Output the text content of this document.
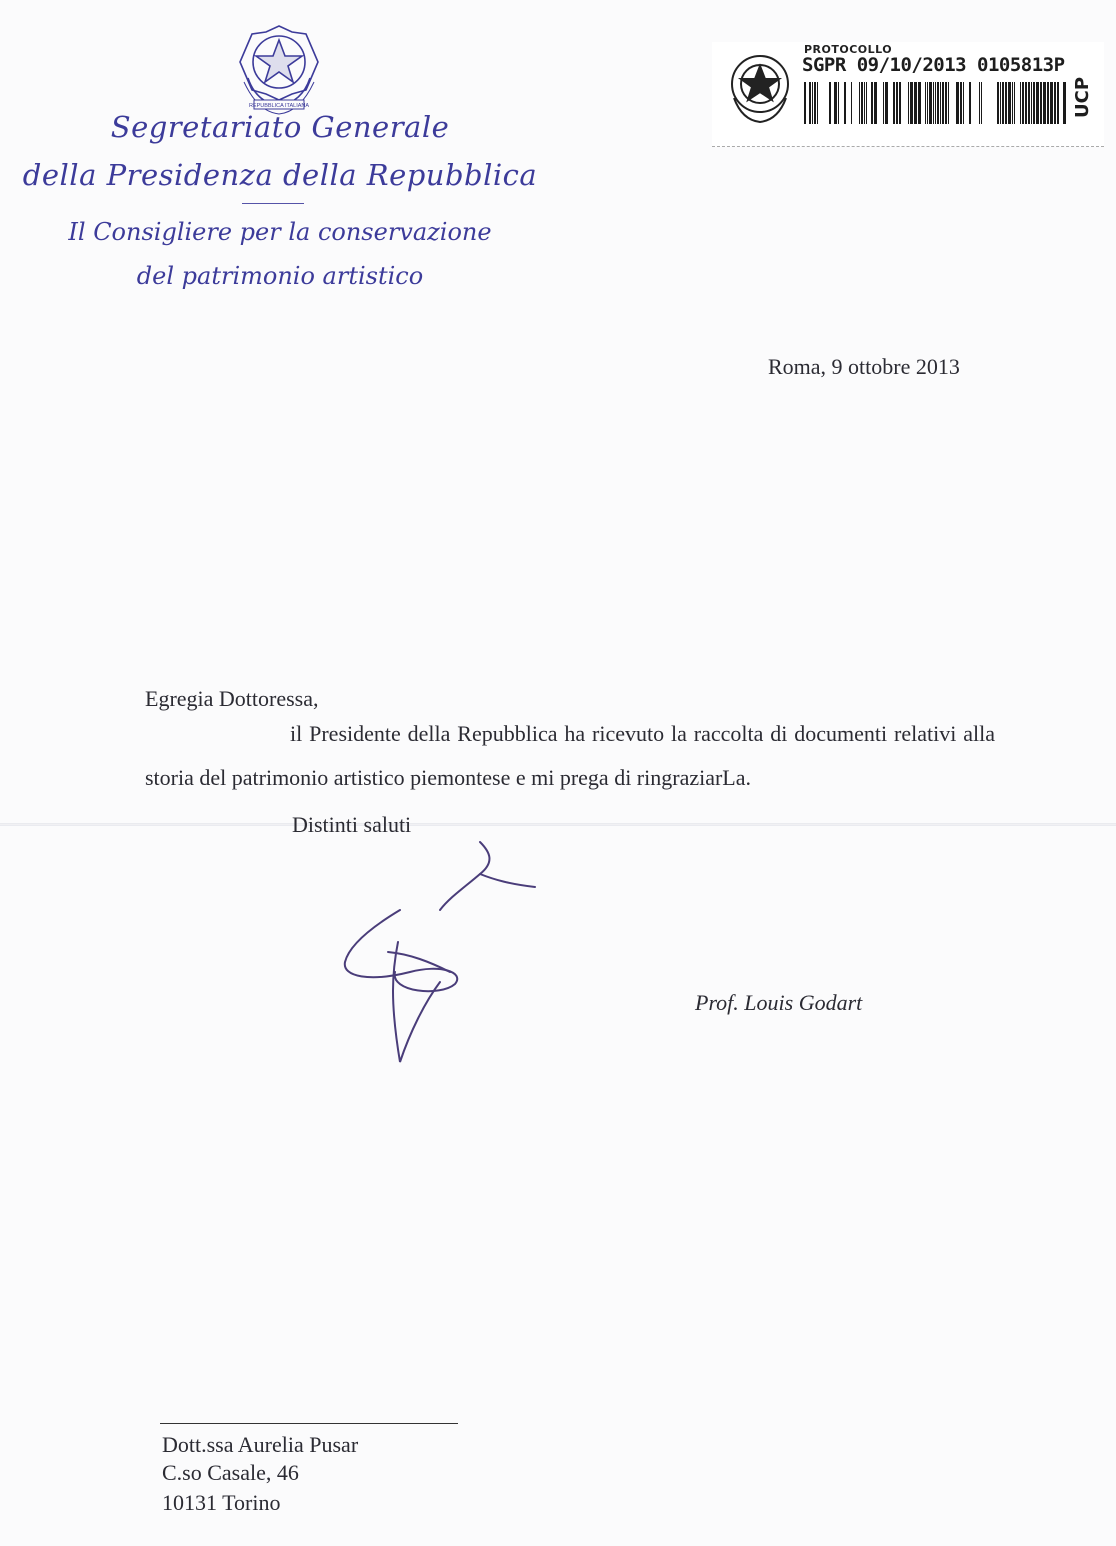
REPUBBLICA ITALIANA
Segretariato Generale
della Presidenza della Repubblica
Il Consigliere per la conservazione
del patrimonio artistico
PROTOCOLLO
SGPR 09/10/2013 0105813P
UCP
Roma, 9 ottobre 2013
Egregia Dottoressa,
il Presidente della Repubblica ha ricevuto la raccolta di documenti relativi alla storia del patrimonio artistico piemontese e mi prega di ringraziarLa.
Distinti saluti
Prof. Louis Godart
Dott.ssa Aurelia Pusar
C.so Casale, 46
10131 Torino
